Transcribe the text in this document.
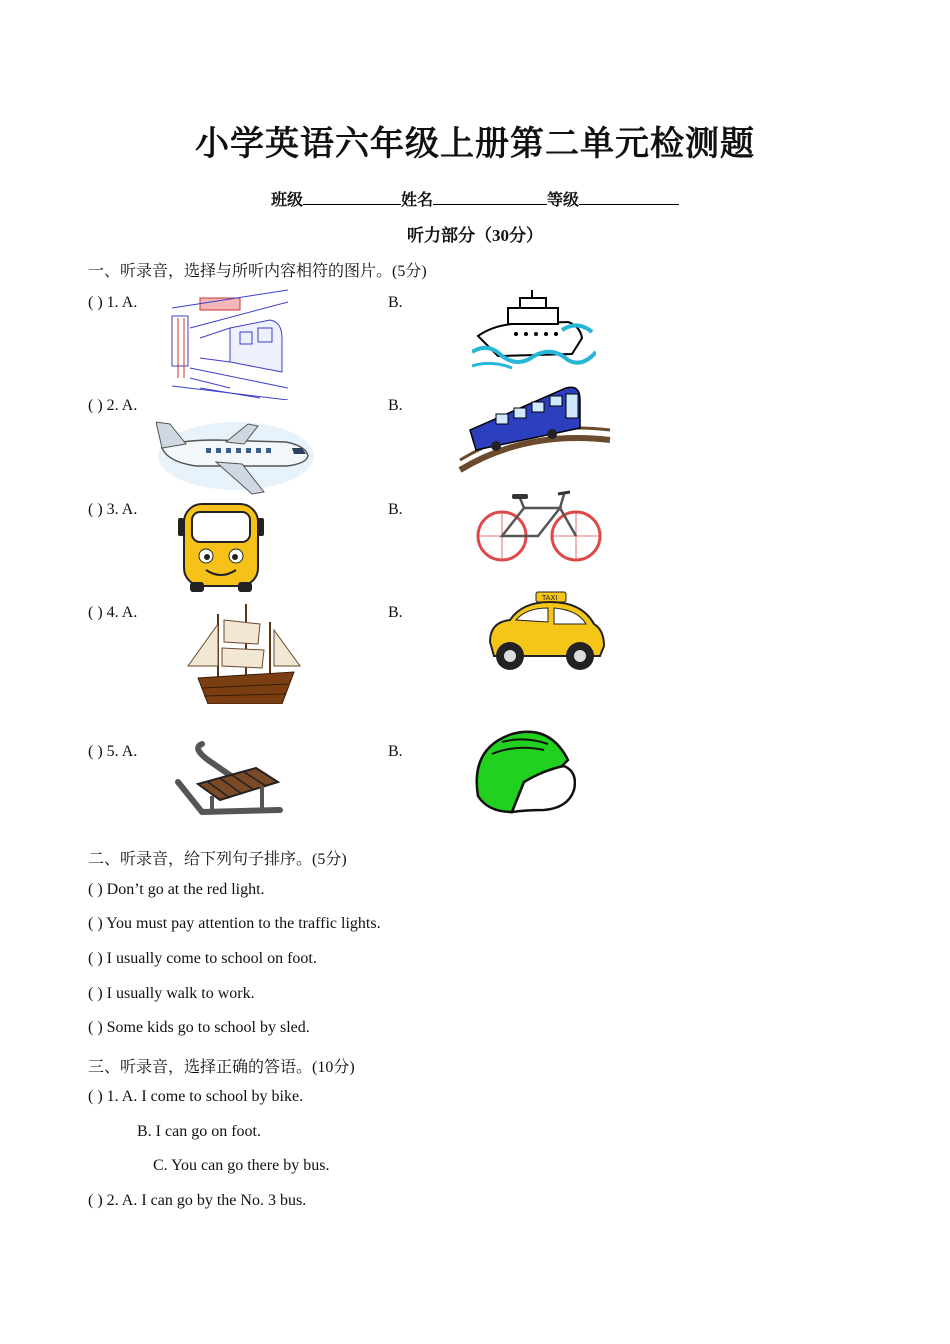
小学英语六年级上册第二单元检测题
班级	姓名	等级
听力部分（30分）
一、听录音，选择与所听内容相符的图片。(5分)
( ) 1. A.	B.
( ) 2. A.	B.
( ) 3. A.	B.
( ) 4. A.	B.
( ) 5. A.	B.
TAXI
二、听录音，给下列句子排序。(5分)
( ) Don’t go at the red light.
( ) You must pay attention to the traffic lights.
( ) I usually come to school on foot.
( ) I usually walk to work.
( ) Some kids go to school by sled.
三、听录音，选择正确的答语。(10分)
( ) 1. A. I come to school by bike.
B. I can go on foot.
C. You can go there by bus.
( ) 2. A. I can go by the No. 3 bus.
